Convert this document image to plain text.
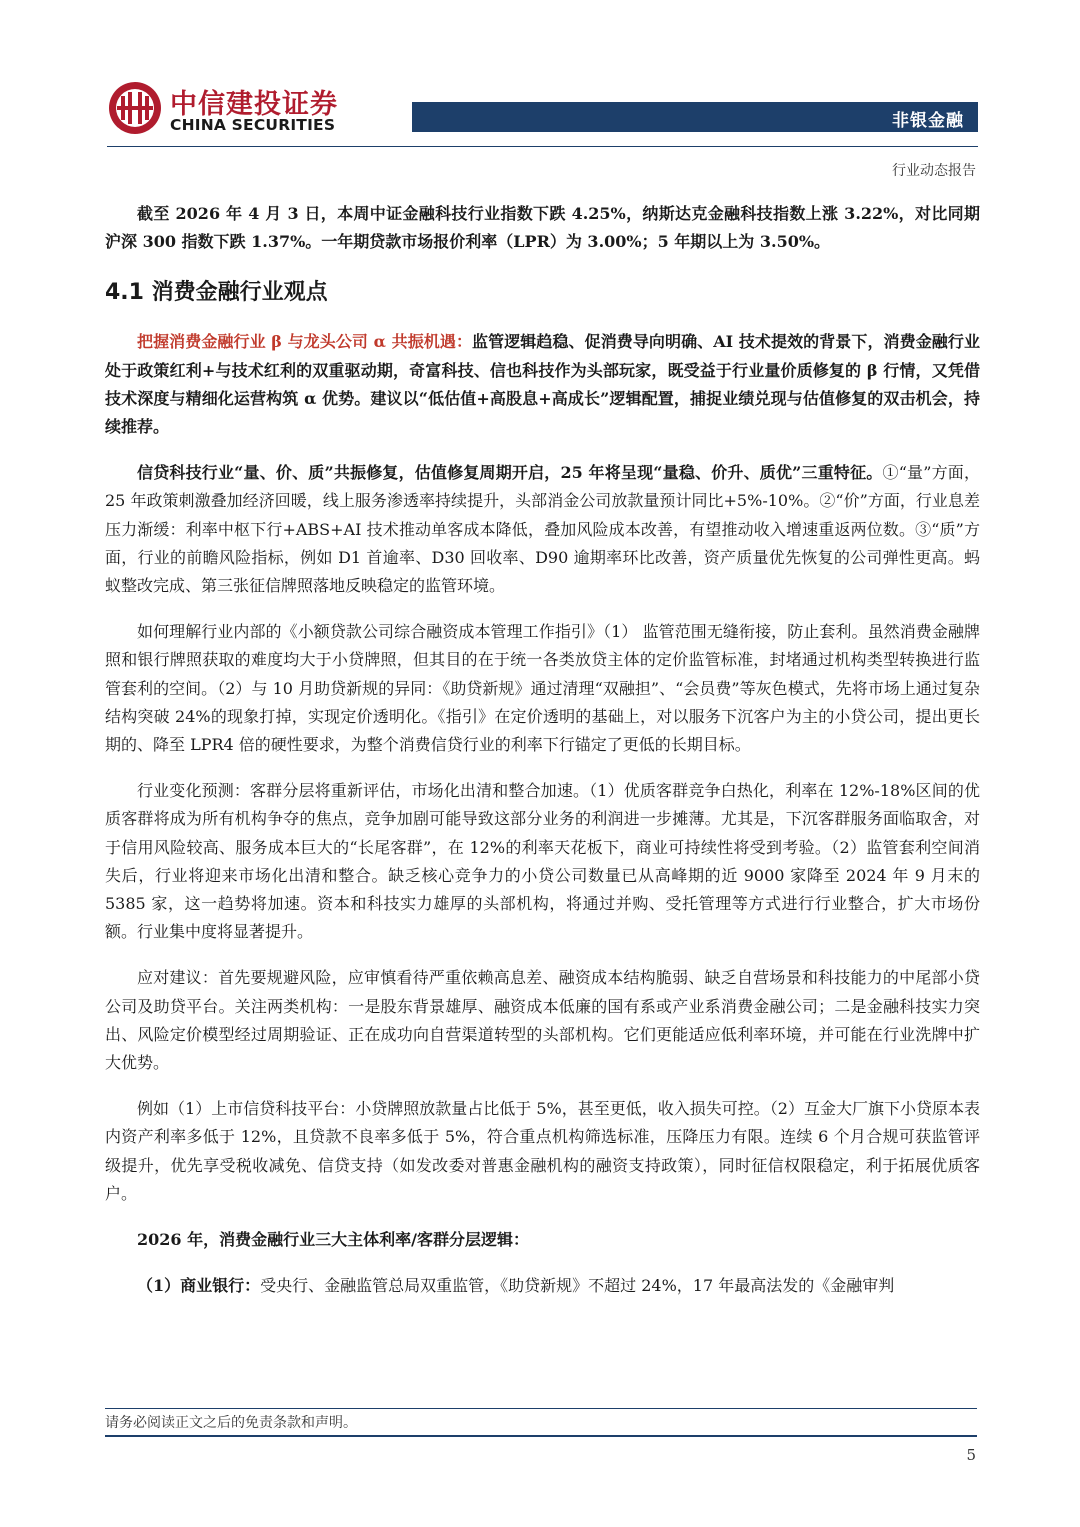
中信建投证券
CHINA SECURITIES	非银金融
行业动态报告

截至 2026 年 4 月 3 日，本周中证金融科技行业指数下跌 4.25%，纳斯达克金融科技指数上涨 3.22%，对比同期沪深 300 指数下跌 1.37%。一年期贷款市场报价利率（LPR）为 3.00%；5 年期以上为 3.50%。

4.1 消费金融行业观点

把握消费金融行业 β 与龙头公司 α 共振机遇：监管逻辑趋稳、促消费导向明确、AI 技术提效的背景下，消费金融行业处于政策红利+与技术红利的双重驱动期，奇富科技、信也科技作为头部玩家，既受益于行业量价质修复的 β 行情，又凭借技术深度与精细化运营构筑 α 优势。建议以“低估值+高股息+高成长”逻辑配置，捕捉业绩兑现与估值修复的双击机会，持续推荐。

信贷科技行业“量、价、质”共振修复，估值修复周期开启，25 年将呈现“量稳、价升、质优”三重特征。①“量”方面，25 年政策刺激叠加经济回暖，线上服务渗透率持续提升，头部消金公司放款量预计同比+5%-10%。②“价”方面，行业息差压力渐缓：利率中枢下行+ABS+AI 技术推动单客成本降低，叠加风险成本改善，有望推动收入增速重返两位数。③“质”方面，行业的前瞻风险指标，例如 D1 首逾率、D30 回收率、D90 逾期率环比改善，资产质量优先恢复的公司弹性更高。蚂蚁整改完成、第三张征信牌照落地反映稳定的监管环境。

如何理解行业内部的《小额贷款公司综合融资成本管理工作指引》（1） 监管范围无缝衔接，防止套利。虽然消费金融牌照和银行牌照获取的难度均大于小贷牌照，但其目的在于统一各类放贷主体的定价监管标准，封堵通过机构类型转换进行监管套利的空间。（2）与 10 月助贷新规的异同：《助贷新规》通过清理“双融担”、“会员费”等灰色模式，先将市场上通过复杂结构突破 24%的现象打掉，实现定价透明化。《指引》在定价透明的基础上，对以服务下沉客户为主的小贷公司，提出更长期的、降至 LPR4 倍的硬性要求，为整个消费信贷行业的利率下行锚定了更低的长期目标。

行业变化预测：客群分层将重新评估，市场化出清和整合加速。（1）优质客群竞争白热化，利率在 12%-18%区间的优质客群将成为所有机构争夺的焦点，竞争加剧可能导致这部分业务的利润进一步摊薄。尤其是，下沉客群服务面临取舍，对于信用风险较高、服务成本巨大的“长尾客群”，在 12%的利率天花板下，商业可持续性将受到考验。（2）监管套利空间消失后，行业将迎来市场化出清和整合。缺乏核心竞争力的小贷公司数量已从高峰期的近 9000 家降至 2024 年 9 月末的 5385 家，这一趋势将加速。资本和科技实力雄厚的头部机构，将通过并购、受托管理等方式进行行业整合，扩大市场份额。行业集中度将显著提升。

应对建议：首先要规避风险，应审慎看待严重依赖高息差、融资成本结构脆弱、缺乏自营场景和科技能力的中尾部小贷公司及助贷平台。关注两类机构：一是股东背景雄厚、融资成本低廉的国有系或产业系消费金融公司；二是金融科技实力突出、风险定价模型经过周期验证、正在成功向自营渠道转型的头部机构。它们更能适应低利率环境，并可能在行业洗牌中扩大优势。

例如（1）上市信贷科技平台：小贷牌照放款量占比低于 5%，甚至更低，收入损失可控。（2）互金大厂旗下小贷原本表内资产利率多低于 12%，且贷款不良率多低于 5%，符合重点机构筛选标准，压降压力有限。连续 6 个月合规可获监管评级提升，优先享受税收减免、信贷支持（如发改委对普惠金融机构的融资支持政策），同时征信权限稳定，利于拓展优质客户。

2026 年，消费金融行业三大主体利率/客群分层逻辑：

（1）商业银行：受央行、金融监管总局双重监管，《助贷新规》不超过 24%，17 年最高法发的《金融审判

请务必阅读正文之后的免责条款和声明。
5
